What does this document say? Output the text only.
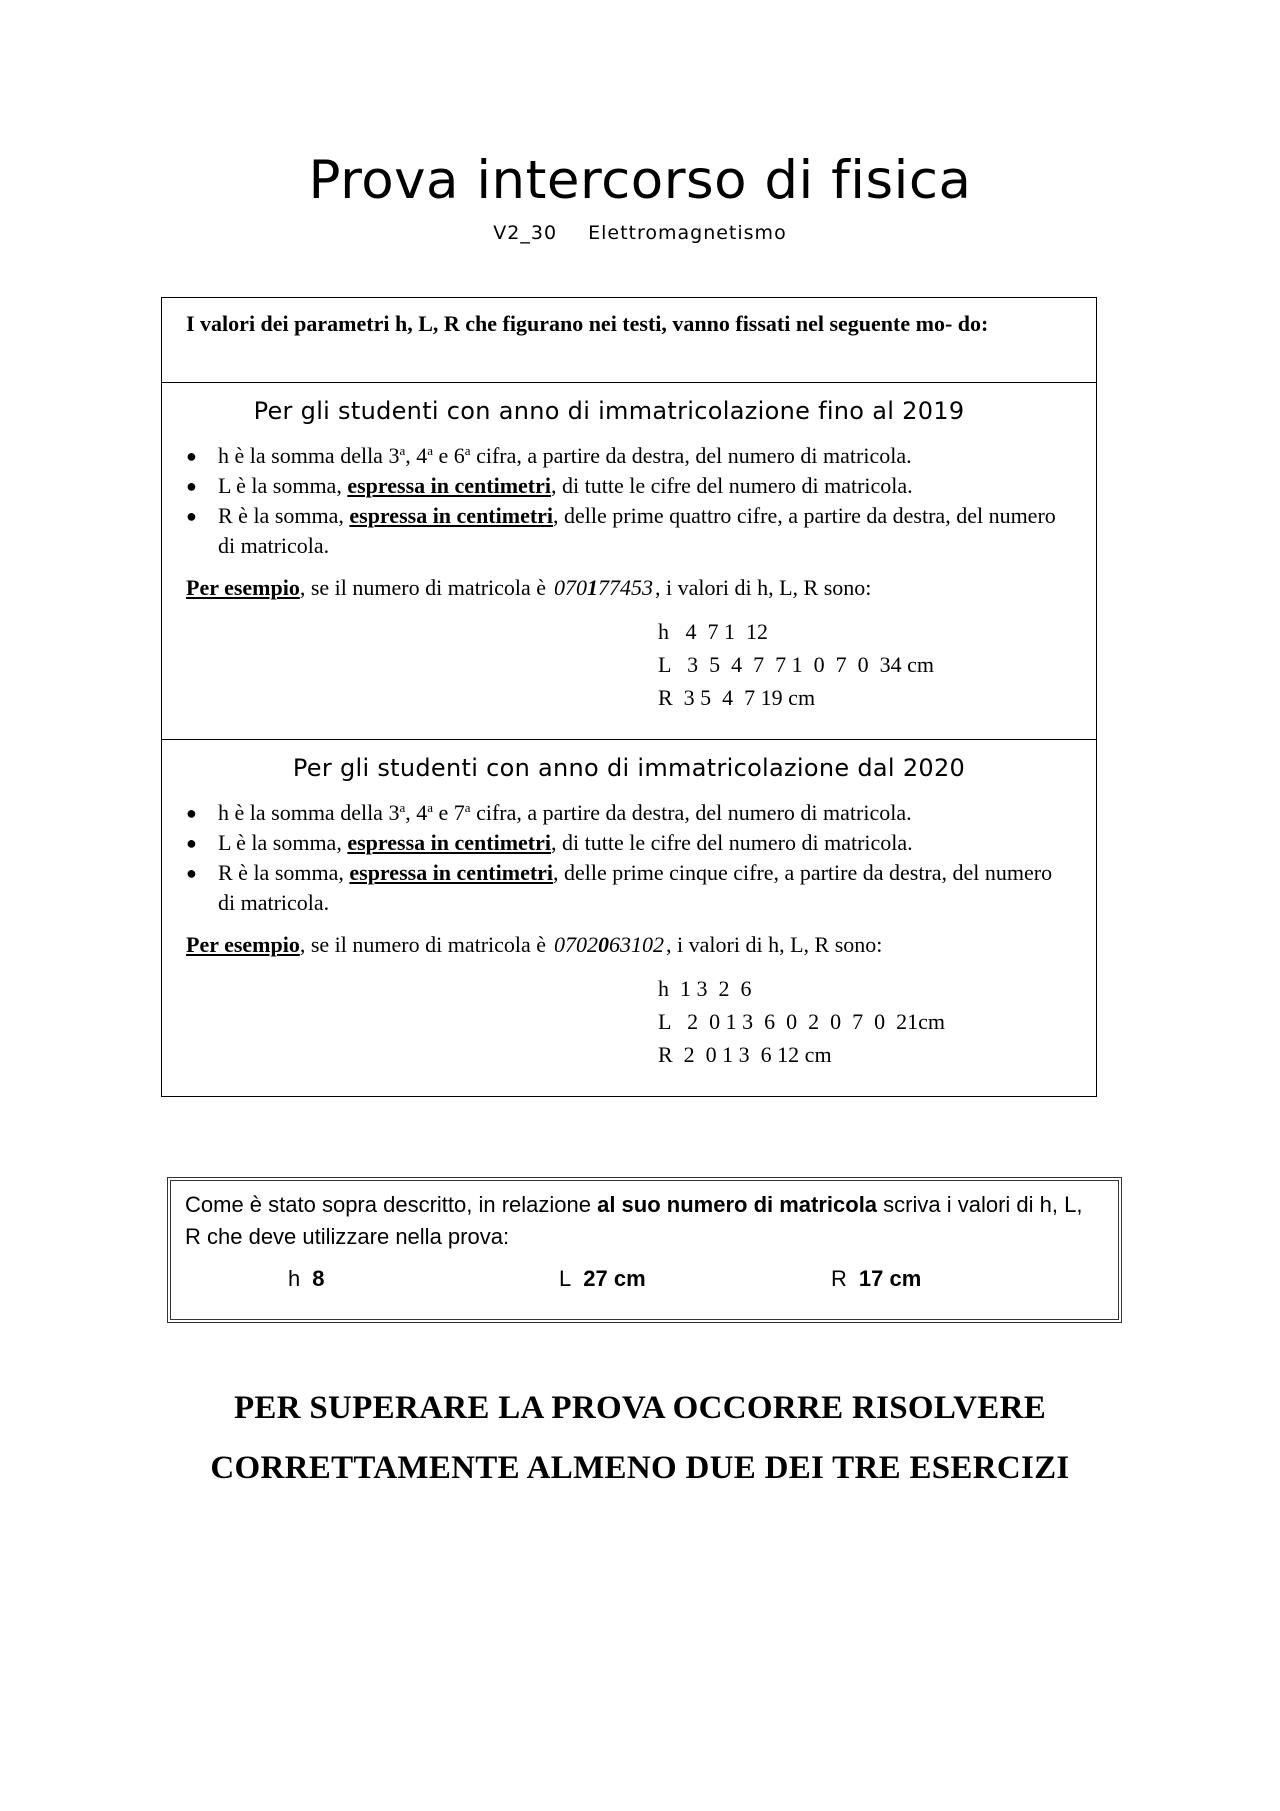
Prova intercorso di fisica
V2_30 Elettromagnetismo
I valori dei parametri h, L, R che figurano nei testi, vanno fissati nel seguente mo- do:
Per gli studenti con anno di immatricolazione fino al 2019
● h è la somma della 3$^a$, 4$^a$ e 6$^a$ cifra, a partire da destra, del numero di matricola.
● L è la somma, espressa in centimetri, di tutte le cifre del numero di matricola.
● R è la somma, espressa in centimetri, delle prime quattro cifre, a partire da destra, del numero di matricola.
Per esempio, se il numero di matricola è 070177453, i valori di h, L, R sono:
h   4  7 1  12
L   3  5  4  7  7 1  0  7  0  34 cm
R  3 5  4  7 19 cm
Per gli studenti con anno di immatricolazione dal 2020
● h è la somma della 3$^a$, 4$^a$ e 7$^a$ cifra, a partire da destra, del numero di matricola.
● L è la somma, espressa in centimetri, di tutte le cifre del numero di matricola.
● R è la somma, espressa in centimetri, delle prime cinque cifre, a partire da destra, del numero di matricola.
Per esempio, se il numero di matricola è 0702063102, i valori di h, L, R sono:
h  1 3  2  6
L   2  0 1 3  6  0  2  0  7  0  21cm
R  2  0 1 3  6 12 cm
Come è stato sopra descritto, in relazione al suo numero di matricola scriva i valori di h, L, R che deve utilizzare nella prova:
h 8	L 27 cm	R 17 cm
PER SUPERARE LA PROVA OCCORRE RISOLVERE
CORRETTAMENTE ALMENO DUE DEI TRE ESERCIZI
